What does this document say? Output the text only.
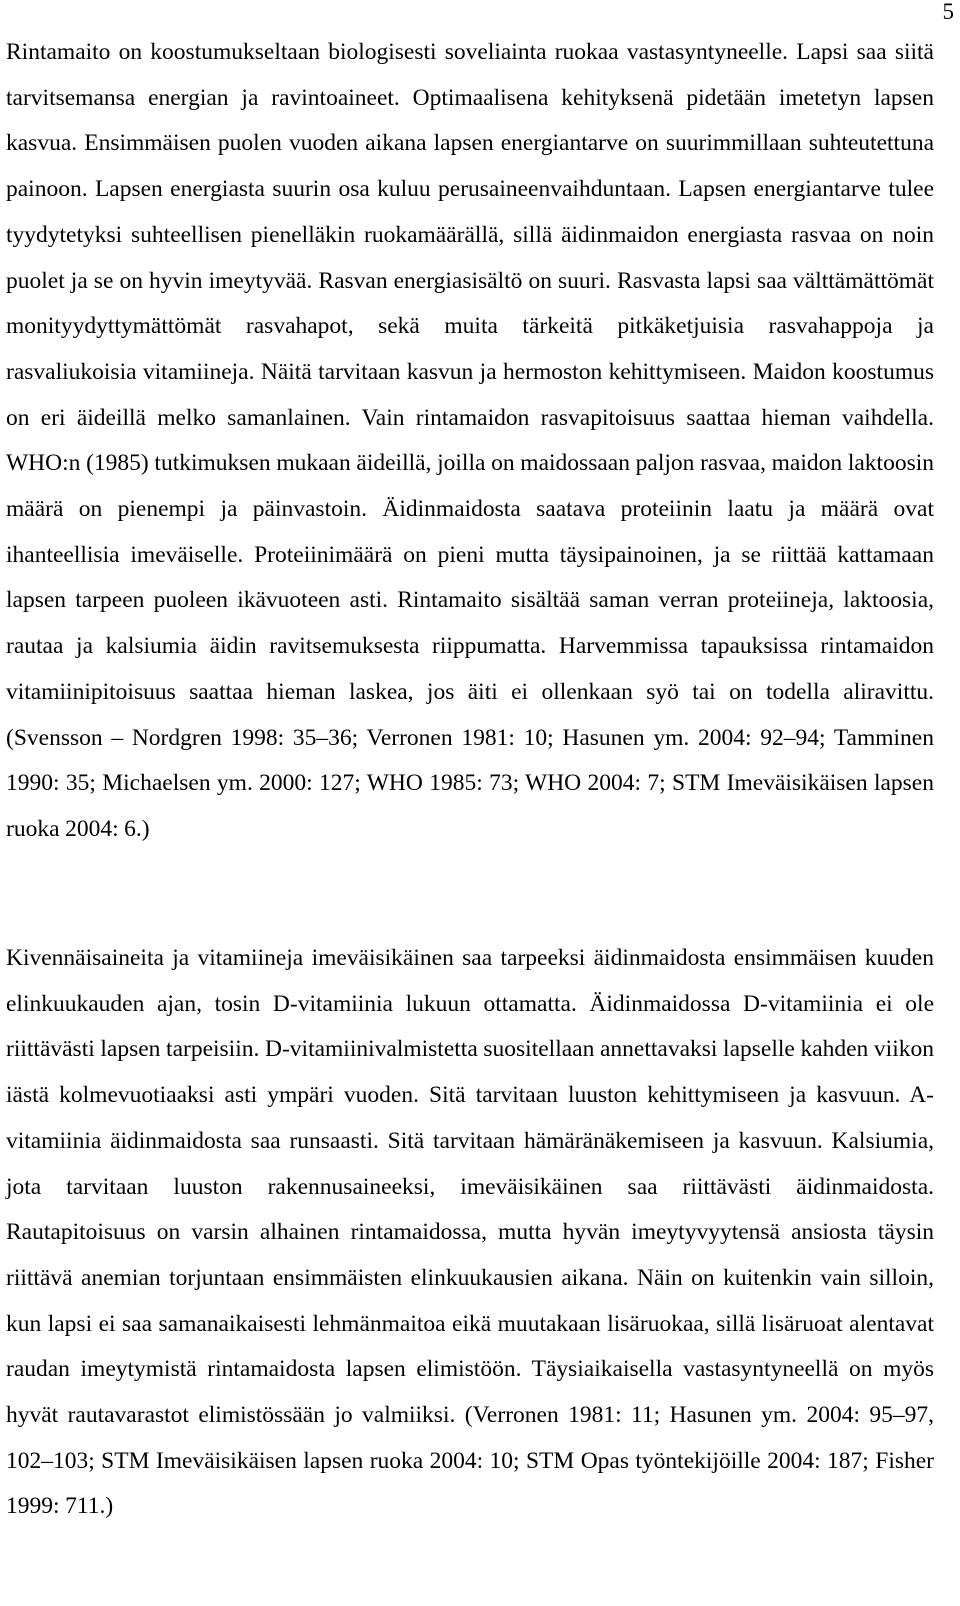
5

Rintamaito on koostumukseltaan biologisesti soveliainta ruokaa vastasyntyneelle. Lapsi saa siitä tarvitsemansa energian ja ravintoaineet. Optimaalisena kehityksenä pidetään imetetyn lapsen kasvua. Ensimmäisen puolen vuoden aikana lapsen energiantarve on suurimmillaan suhteutettuna painoon. Lapsen energiasta suurin osa kuluu perusaineenvaihduntaan. Lapsen energiantarve tulee tyydytetyksi suhteellisen pienelläkin ruokamäärällä, sillä äidinmaidon energiasta rasvaa on noin puolet ja se on hyvin imeytyvää. Rasvan energiasisältö on suuri. Rasvasta lapsi saa välttämättömät monityydyttymättömät rasvahapot, sekä muita tärkeitä pitkäketjuisia rasvahappoja ja rasvaliukoisia vitamiineja. Näitä tarvitaan kasvun ja hermoston kehittymiseen. Maidon koostumus on eri äideillä melko samanlainen. Vain rintamaidon rasvapitoisuus saattaa hieman vaihdella. WHO:n (1985) tutkimuksen mukaan äideillä, joilla on maidossaan paljon rasvaa, maidon laktoosin määrä on pienempi ja päinvastoin. Äidinmaidosta saatava proteiinin laatu ja määrä ovat ihanteellisia imeväiselle. Proteiinimäärä on pieni mutta täysipainoinen, ja se riittää kattamaan lapsen tarpeen puoleen ikävuoteen asti. Rintamaito sisältää saman verran proteiineja, laktoosia, rautaa ja kalsiumia äidin ravitsemuksesta riippumatta. Harvemmissa tapauksissa rintamaidon vitamiinipitoisuus saattaa hieman laskea, jos äiti ei ollenkaan syö tai on todella aliravittu. (Svensson – Nordgren 1998: 35–36; Verronen 1981: 10; Hasunen ym. 2004: 92–94; Tamminen 1990: 35; Michaelsen ym. 2000: 127; WHO 1985: 73; WHO 2004: 7; STM Imeväisikäisen lapsen ruoka 2004: 6.)

Kivennäisaineita ja vitamiineja imeväisikäinen saa tarpeeksi äidinmaidosta ensimmäisen kuuden elinkuukauden ajan, tosin D-vitamiinia lukuun ottamatta. Äidinmaidossa D-vitamiinia ei ole riittävästi lapsen tarpeisiin. D-vitamiinivalmistetta suositellaan annettavaksi lapselle kahden viikon iästä kolmevuotiaaksi asti ympäri vuoden. Sitä tarvitaan luuston kehittymiseen ja kasvuun. A-vitamiinia äidinmaidosta saa runsaasti. Sitä tarvitaan hämäränäkemiseen ja kasvuun. Kalsiumia, jota tarvitaan luuston rakennusaineeksi, imeväisikäinen saa riittävästi äidinmaidosta. Rautapitoisuus on varsin alhainen rintamaidossa, mutta hyvän imeytyvyytensä ansiosta täysin riittävä anemian torjuntaan ensimmäisten elinkuukausien aikana. Näin on kuitenkin vain silloin, kun lapsi ei saa samanaikaisesti lehmänmaitoa eikä muutakaan lisäruokaa, sillä lisäruoat alentavat raudan imeytymistä rintamaidosta lapsen elimistöön. Täysiaikaisella vastasyntyneellä on myös hyvät rautavarastot elimistössään jo valmiiksi. (Verronen 1981: 11; Hasunen ym. 2004: 95–97, 102–103; STM Imeväisikäisen lapsen ruoka 2004: 10; STM Opas työntekijöille 2004: 187; Fisher 1999: 711.)
